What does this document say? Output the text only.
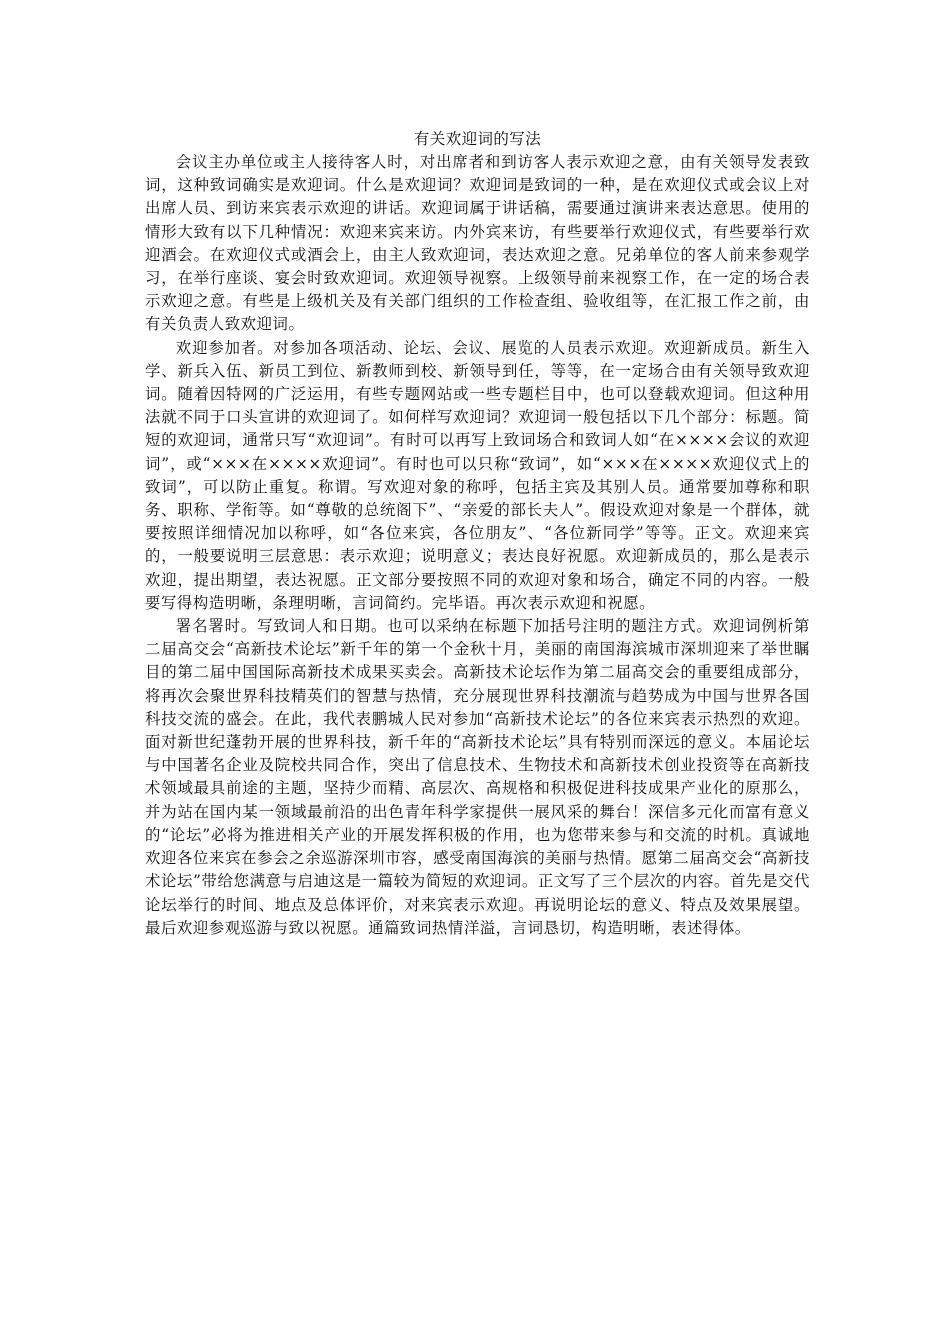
有关欢迎词的写法

会议主办单位或主人接待客人时，对出席者和到访客人表示欢迎之意，由有关领导发表致词，这种致词确实是欢迎词。什么是欢迎词？欢迎词是致词的一种，是在欢迎仪式或会议上对出席人员、到访来宾表示欢迎的讲话。欢迎词属于讲话稿，需要通过演讲来表达意思。使用的情形大致有以下几种情况：欢迎来宾来访。内外宾来访，有些要举行欢迎仪式，有些要举行欢迎酒会。在欢迎仪式或酒会上，由主人致欢迎词，表达欢迎之意。兄弟单位的客人前来参观学习，在举行座谈、宴会时致欢迎词。欢迎领导视察。上级领导前来视察工作，在一定的场合表示欢迎之意。有些是上级机关及有关部门组织的工作检查组、验收组等，在汇报工作之前，由有关负责人致欢迎词。

欢迎参加者。对参加各项活动、论坛、会议、展览的人员表示欢迎。欢迎新成员。新生入学、新兵入伍、新员工到位、新教师到校、新领导到任，等等，在一定场合由有关领导致欢迎词。随着因特网的广泛运用，有些专题网站或一些专题栏目中，也可以登载欢迎词。但这种用法就不同于口头宣讲的欢迎词了。如何样写欢迎词？欢迎词一般包括以下几个部分：标题。简短的欢迎词，通常只写“欢迎词”。有时可以再写上致词场合和致词人如“在××××会议的欢迎词”，或“×××在××××欢迎词”。有时也可以只称“致词”，如“×××在××××欢迎仪式上的致词”，可以防止重复。称谓。写欢迎对象的称呼，包括主宾及其别人员。通常要加尊称和职务、职称、学衔等。如“尊敬的总统阁下”、“亲爱的部长夫人”。假设欢迎对象是一个群体，就要按照详细情况加以称呼，如“各位来宾，各位朋友”、“各位新同学”等等。正文。欢迎来宾的，一般要说明三层意思：表示欢迎；说明意义；表达良好祝愿。欢迎新成员的，那么是表示欢迎，提出期望，表达祝愿。正文部分要按照不同的欢迎对象和场合，确定不同的内容。一般要写得构造明晰，条理明晰，言词简约。完毕语。再次表示欢迎和祝愿。

署名署时。写致词人和日期。也可以采纳在标题下加括号注明的题注方式。欢迎词例析第二届高交会“高新技术论坛”新千年的第一个金秋十月，美丽的南国海滨城市深圳迎来了举世瞩目的第二届中国国际高新技术成果买卖会。高新技术论坛作为第二届高交会的重要组成部分，将再次会聚世界科技精英们的智慧与热情，充分展现世界科技潮流与趋势成为中国与世界各国科技交流的盛会。在此，我代表鹏城人民对参加“高新技术论坛”的各位来宾表示热烈的欢迎。面对新世纪蓬勃开展的世界科技，新千年的“高新技术论坛”具有特别而深远的意义。本届论坛与中国著名企业及院校共同合作，突出了信息技术、生物技术和高新技术创业投资等在高新技术领域最具前途的主题，坚持少而精、高层次、高规格和积极促进科技成果产业化的原那么，并为站在国内某一领域最前沿的出色青年科学家提供一展风采的舞台！深信多元化而富有意义的“论坛”必将为推进相关产业的开展发挥积极的作用，也为您带来参与和交流的时机。真诚地欢迎各位来宾在参会之余巡游深圳市容，感受南国海滨的美丽与热情。愿第二届高交会“高新技术论坛”带给您满意与启迪这是一篇较为简短的欢迎词。正文写了三个层次的内容。首先是交代论坛举行的时间、地点及总体评价，对来宾表示欢迎。再说明论坛的意义、特点及效果展望。最后欢迎参观巡游与致以祝愿。通篇致词热情洋溢，言词恳切，构造明晰，表述得体。
